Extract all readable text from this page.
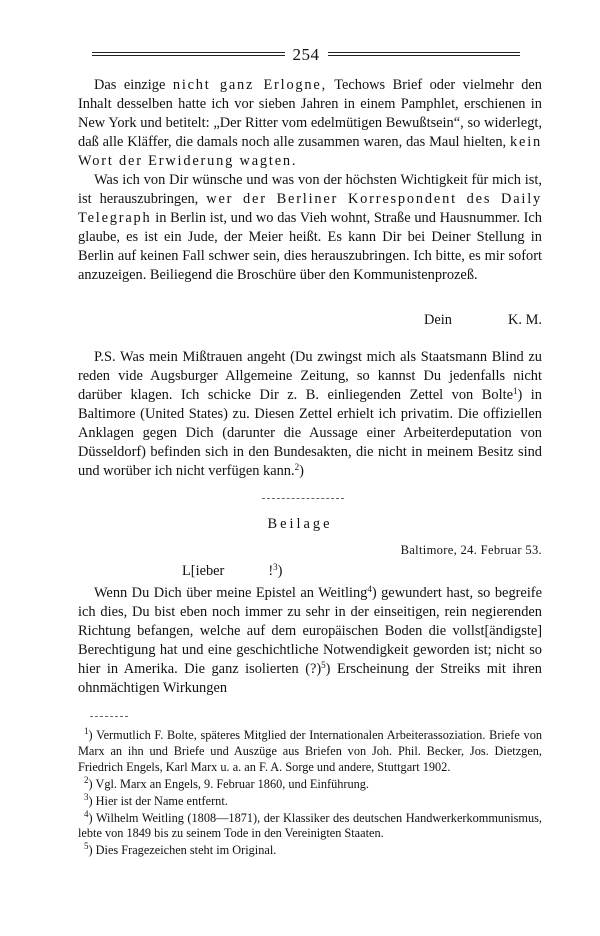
254

Das einzige nicht ganz Erlogne, Techows Brief oder vielmehr den Inhalt desselben hatte ich vor sieben Jahren in einem Pamphlet, erschienen in New York und betitelt: „Der Ritter vom edelmütigen Bewußtsein“, so widerlegt, daß alle Kläffer, die damals noch alle zusammen waren, das Maul hielten, kein Wort der Erwiderung wagten.

Was ich von Dir wünsche und was von der höchsten Wichtigkeit für mich ist, ist herauszubringen, wer der Berliner Korrespondent des Daily Telegraph in Berlin ist, und wo das Vieh wohnt, Straße und Hausnummer. Ich glaube, es ist ein Jude, der Meier heißt. Es kann Dir bei Deiner Stellung in Berlin auf keinen Fall schwer sein, dies herauszubringen. Ich bitte, es mir sofort anzuzeigen. Beiliegend die Broschüre über den Kommunistenprozeß.

Dein	K. M.

P.S. Was mein Mißtrauen angeht (Du zwingst mich als Staatsmann Blind zu reden vide Augsburger Allgemeine Zeitung, so kannst Du jedenfalls nicht darüber klagen. Ich schicke Dir z. B. einliegenden Zettel von Bolte$^1$) in Baltimore (United States) zu. Diesen Zettel erhielt ich privatim. Die offiziellen Anklagen gegen Dich (darunter die Aussage einer Arbeiterdeputation von Düsseldorf) befinden sich in den Bundesakten, die nicht in meinem Besitz sind und worüber ich nicht verfügen kann.$^2$)

Beilage
Baltimore, 24. Februar 53.
L[ieber	!$^3$)

Wenn Du Dich über meine Epistel an Weitling$^4$) gewundert hast, so begreife ich dies, Du bist eben noch immer zu sehr in der einseitigen, rein negierenden Richtung befangen, welche auf dem europäischen Boden die vollst[ändigste] Berechtigung hat und eine geschichtliche Notwendigkeit geworden ist; nicht so hier in Amerika. Die ganz isolierten (?)$^5$) Erscheinung der Streiks mit ihren ohnmächtigen Wirkungen

$^1$) Vermutlich F. Bolte, späteres Mitglied der Internationalen Arbeiterassoziation. Briefe von Marx an ihn und Briefe und Auszüge aus Briefen von Joh. Phil. Becker, Jos. Dietzgen, Friedrich Engels, Karl Marx u. a. an F. A. Sorge und andere, Stuttgart 1902.

$^2$) Vgl. Marx an Engels, 9. Februar 1860, und Einführung.

$^3$) Hier ist der Name entfernt.

$^4$) Wilhelm Weitling (1808—1871), der Klassiker des deutschen Handwerkerkommunismus, lebte von 1849 bis zu seinem Tode in den Vereinigten Staaten.

$^5$) Dies Fragezeichen steht im Original.
